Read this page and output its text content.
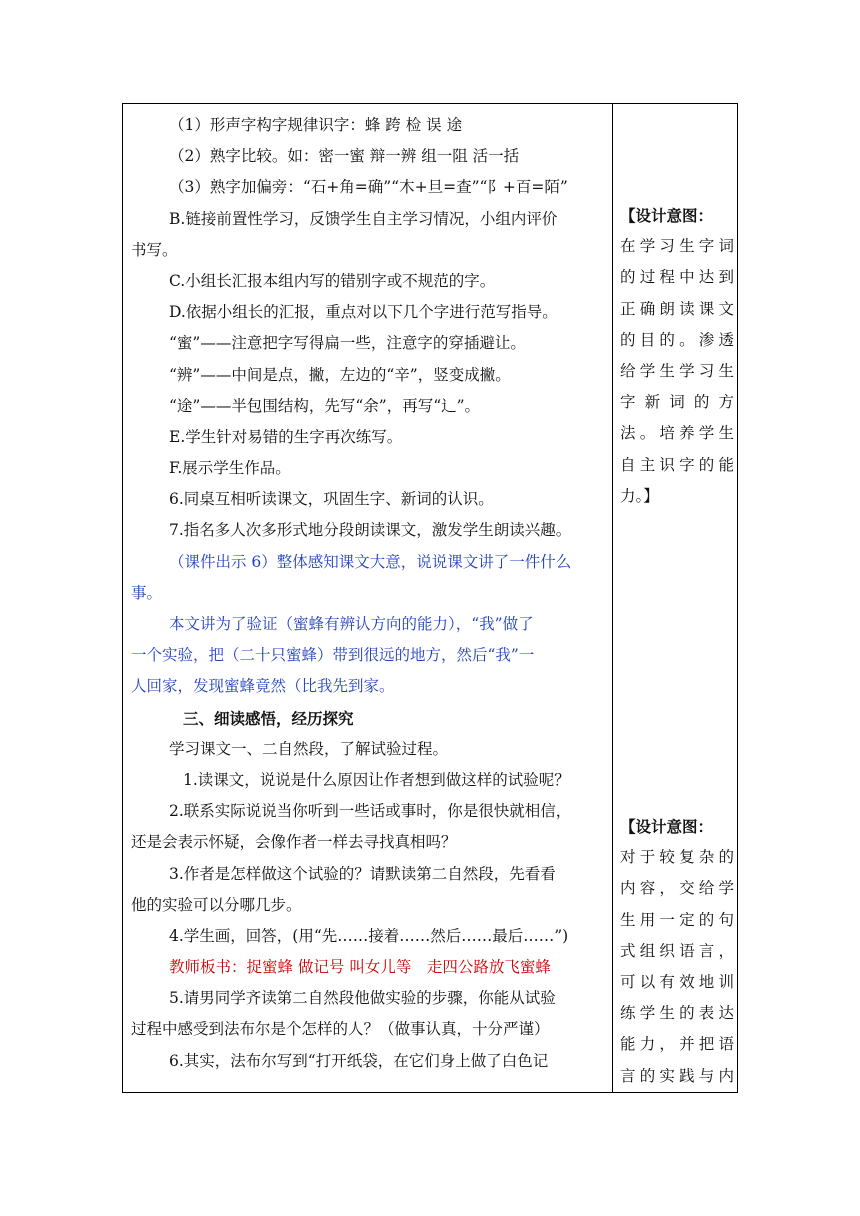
（1）形声字构字规律识字：蜂 跨 检 误 途
（2）熟字比较。如：密一蜜 辩一辨 组一阻 活一括
（3）熟字加偏旁：“石+角=确”“木+旦=查”“阝+百=陌”
B.链接前置性学习，反馈学生自主学习情况，小组内评价
书写。
C.小组长汇报本组内写的错别字或不规范的字。
D.依据小组长的汇报，重点对以下几个字进行范写指导。
“蜜”——注意把字写得扁一些，注意字的穿插避让。
“辨”——中间是点，撇，左边的“辛”，竖变成撇。
“途”——半包围结构，先写“余”，再写“辶”。
E.学生针对易错的生字再次练写。
F.展示学生作品。
6.同桌互相听读课文，巩固生字、新词的认识。
7.指名多人次多形式地分段朗读课文，激发学生朗读兴趣。
（课件出示 6）整体感知课文大意，说说课文讲了一件什么
事。
本文讲为了验证（蜜蜂有辨认方向的能力），“我”做了
一个实验，把（二十只蜜蜂）带到很远的地方，然后“我”一
人回家，发现蜜蜂竟然（比我先到家。
三、细读感悟，经历探究
学习课文一、二自然段，了解试验过程。
1.读课文，说说是什么原因让作者想到做这样的试验呢？
2.联系实际说说当你听到一些话或事时，你是很快就相信，
还是会表示怀疑，会像作者一样去寻找真相吗？
3.作者是怎样做这个试验的？请默读第二自然段，先看看
他的实验可以分哪几步。
4.学生画，回答，(用“先……接着……然后……最后……”)
教师板书：捉蜜蜂 做记号 叫女儿等　走四公路放飞蜜蜂
5.请男同学齐读第二自然段他做实验的步骤，你能从试验
过程中感受到法布尔是个怎样的人？（做事认真，十分严谨）
6.其实，法布尔写到“打开纸袋，在它们身上做了白色记
【设计意图：
在学习生字词
的过程中达到
正确朗读课文
的目的。渗透
给学生学习生
字新词的方
法。培养学生
自主识字的能
力。】
【设计意图：
对于较复杂的
内容，交给学
生用一定的句
式组织语言，
可以有效地训
练学生的表达
能力，并把语
言的实践与内
